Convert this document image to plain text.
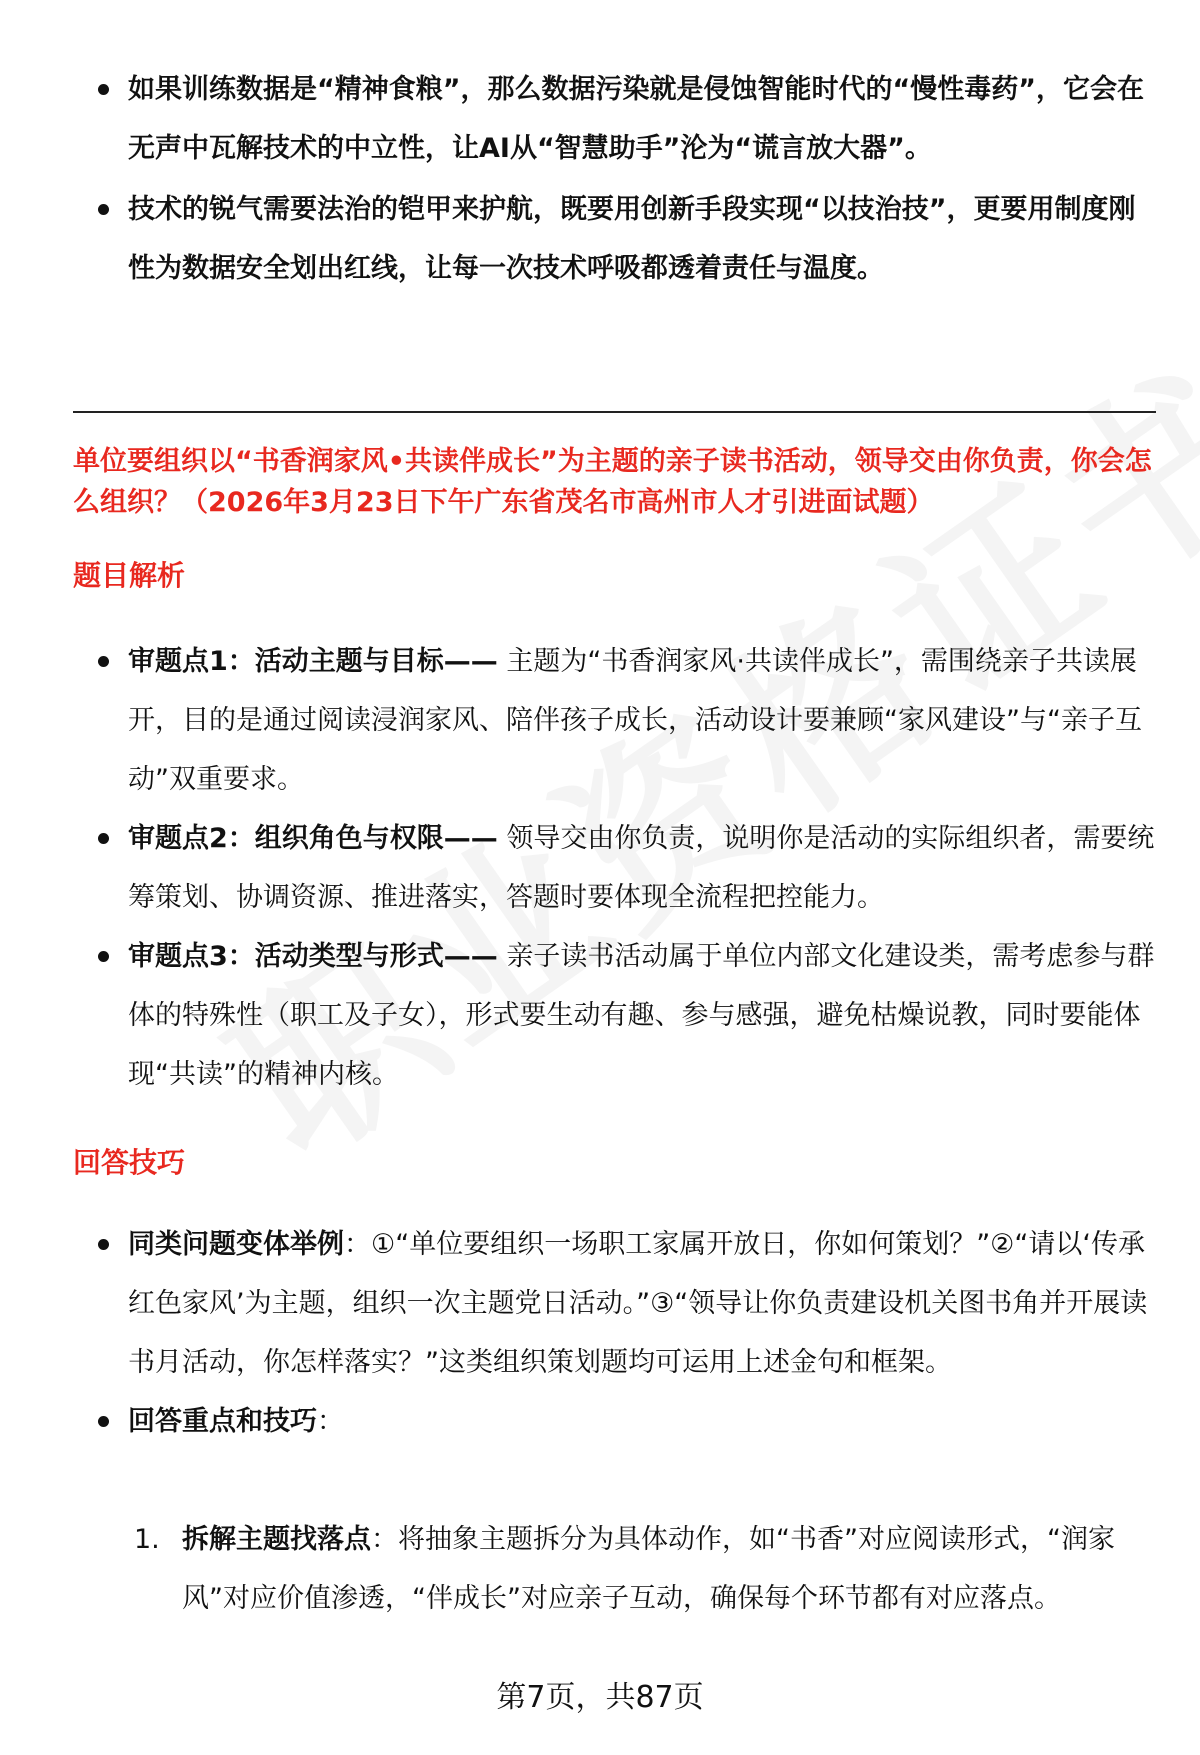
如果训练数据是“精神食粮”，那么数据污染就是侵蚀智能时代的“慢性毒药”，它会在无声中瓦解技术的中立性，让AI从“智慧助手”沦为“谎言放大器”。
技术的锐气需要法治的铠甲来护航，既要用创新手段实现“以技治技”，更要用制度刚性为数据安全划出红线，让每一次技术呼吸都透着责任与温度。
单位要组织以“书香润家风•共读伴成长”为主题的亲子读书活动，领导交由你负责，你会怎么组织？（2026年3月23日下午广东省茂名市高州市人才引进面试题）
题目解析
审题点1：活动主题与目标—— 主题为“书香润家风·共读伴成长”，需围绕亲子共读展开，目的是通过阅读浸润家风、陪伴孩子成长，活动设计要兼顾“家风建设”与“亲子互动”双重要求。
审题点2：组织角色与权限—— 领导交由你负责，说明你是活动的实际组织者，需要统筹策划、协调资源、推进落实，答题时要体现全流程把控能力。
审题点3：活动类型与形式—— 亲子读书活动属于单位内部文化建设类，需考虑参与群体的特殊性（职工及子女），形式要生动有趣、参与感强，避免枯燥说教，同时要能体现“共读”的精神内核。
回答技巧
同类问题变体举例：①“单位要组织一场职工家属开放日，你如何策划？”②“请以‘传承红色家风’为主题，组织一次主题党日活动。”③“领导让你负责建设机关图书角并开展读书月活动，你怎样落实？”这类组织策划题均可运用上述金句和框架。
回答重点和技巧：
1. 拆解主题找落点：将抽象主题拆分为具体动作，如“书香”对应阅读形式，“润家风”对应价值渗透，“伴成长”对应亲子互动，确保每个环节都有对应落点。
第7页，共87页
